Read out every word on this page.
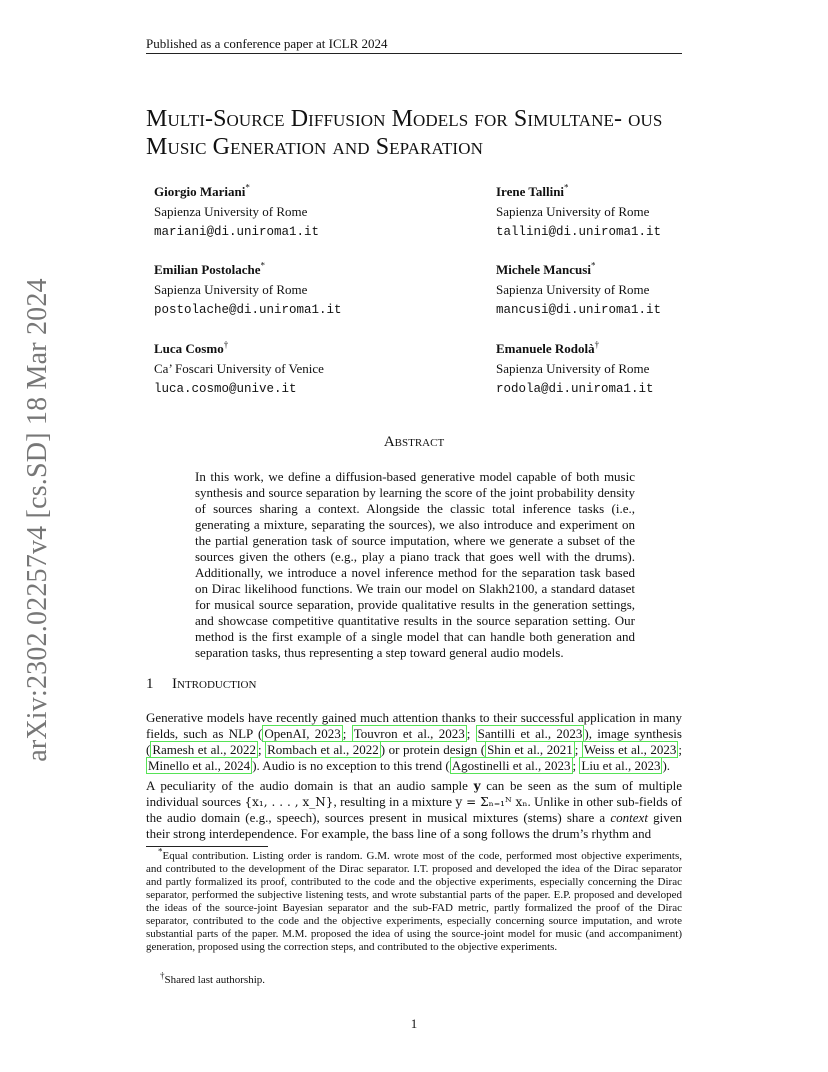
arXiv:2302.02257v4 [cs.SD] 18 Mar 2024
Published as a conference paper at ICLR 2024
Multi-Source Diffusion Models for Simultane- ous Music Generation and Separation
Giorgio Mariani*
Sapienza University of Rome
mariani@di.uniroma1.it
Irene Tallini*
Sapienza University of Rome
tallini@di.uniroma1.it
Emilian Postolache*
Sapienza University of Rome
postolache@di.uniroma1.it
Michele Mancusi*
Sapienza University of Rome
mancusi@di.uniroma1.it
Luca Cosmo†
Ca’ Foscari University of Venice
luca.cosmo@unive.it
Emanuele Rodolà†
Sapienza University of Rome
rodola@di.uniroma1.it
Abstract
In this work, we define a diffusion-based generative model capable of both music synthesis and source separation by learning the score of the joint probability density of sources sharing a context. Alongside the classic total inference tasks (i.e., generating a mixture, separating the sources), we also introduce and experiment on the partial generation task of source imputation, where we generate a subset of the sources given the others (e.g., play a piano track that goes well with the drums). Additionally, we introduce a novel inference method for the separation task based on Dirac likelihood functions. We train our model on Slakh2100, a standard dataset for musical source separation, provide qualitative results in the generation settings, and showcase competitive quantitative results in the source separation setting. Our method is the first example of a single model that can handle both generation and separation tasks, thus representing a step toward general audio models.
1 Introduction
Generative models have recently gained much attention thanks to their successful application in many fields, such as NLP ( OpenAI, 2023 ; Touvron et al., 2023 ; Santilli et al., 2023 ), image synthesis ( Ramesh et al., 2022 ; Rombach et al., 2022 ) or protein design ( Shin et al., 2021 ; Weiss et al., 2023 ; Minello et al., 2024 ). Audio is no exception to this trend ( Agostinelli et al., 2023 ; Liu et al., 2023 ).
A peculiarity of the audio domain is that an audio sample y can be seen as the sum of multiple individual sources {x₁, . . . , x_N}, resulting in a mixture y = Σₙ₌₁ᴺ xₙ. Unlike in other sub-fields of the audio domain (e.g., speech), sources present in musical mixtures (stems) share a context given their strong interdependence. For example, the bass line of a song follows the drum’s rhythm and
*Equal contribution. Listing order is random. G.M. wrote most of the code, performed most objective experiments, and contributed to the development of the Dirac separator. I.T. proposed and developed the idea of the Dirac separator and partly formalized its proof, contributed to the code and the objective experiments, especially concerning the Dirac separator, performed the subjective listening tests, and wrote substantial parts of the paper. E.P. proposed and developed the ideas of the source-joint Bayesian separator and the sub-FAD metric, partly formalized the proof of the Dirac separator, contributed to the code and the objective experiments, especially concerning source imputation, and wrote substantial parts of the paper. M.M. proposed the idea of using the source-joint model for music (and accompaniment) generation, proposed using the correction steps, and contributed to the objective experiments.
†Shared last authorship.
1
